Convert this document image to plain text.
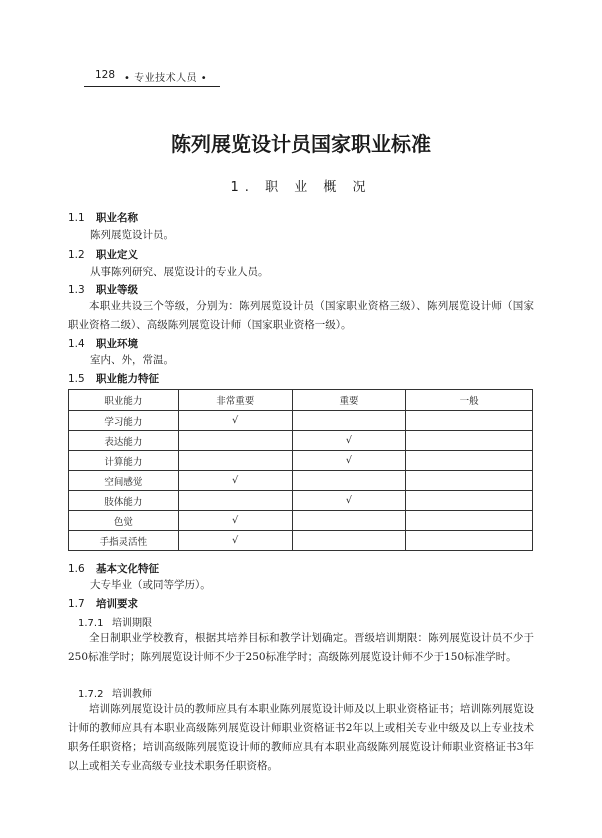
128 • 专业技术人员 •
陈列展览设计员国家职业标准
1. 职 业 概 况
1.1 职业名称
陈列展览设计员。
1.2 职业定义
从事陈列研究、展览设计的专业人员。
1.3 职业等级
本职业共设三个等级，分别为：陈列展览设计员（国家职业资格三级）、陈列展览设计师（国家职业资格二级）、高级陈列展览设计师（国家职业资格一级）。
1.4 职业环境
室内、外，常温。
1.5 职业能力特征
职业能力	非常重要	重要	一般
学习能力	√		
表达能力		√	
计算能力		√	
空间感觉	√		
肢体能力		√	
色觉	√		
手指灵活性	√		
1.6 基本文化特征
大专毕业（或同等学历）。
1.7 培训要求
1.7.1 培训期限
全日制职业学校教育，根据其培养目标和教学计划确定。晋级培训期限：陈列展览设计员不少于250标准学时；陈列展览设计师不少于250标准学时；高级陈列展览设计师不少于150标准学时。
1.7.2 培训教师
培训陈列展览设计员的教师应具有本职业陈列展览设计师及以上职业资格证书；培训陈列展览设计师的教师应具有本职业高级陈列展览设计师职业资格证书2年以上或相关专业中级及以上专业技术职务任职资格；培训高级陈列展览设计师的教师应具有本职业高级陈列展览设计师职业资格证书3年以上或相关专业高级专业技术职务任职资格。
